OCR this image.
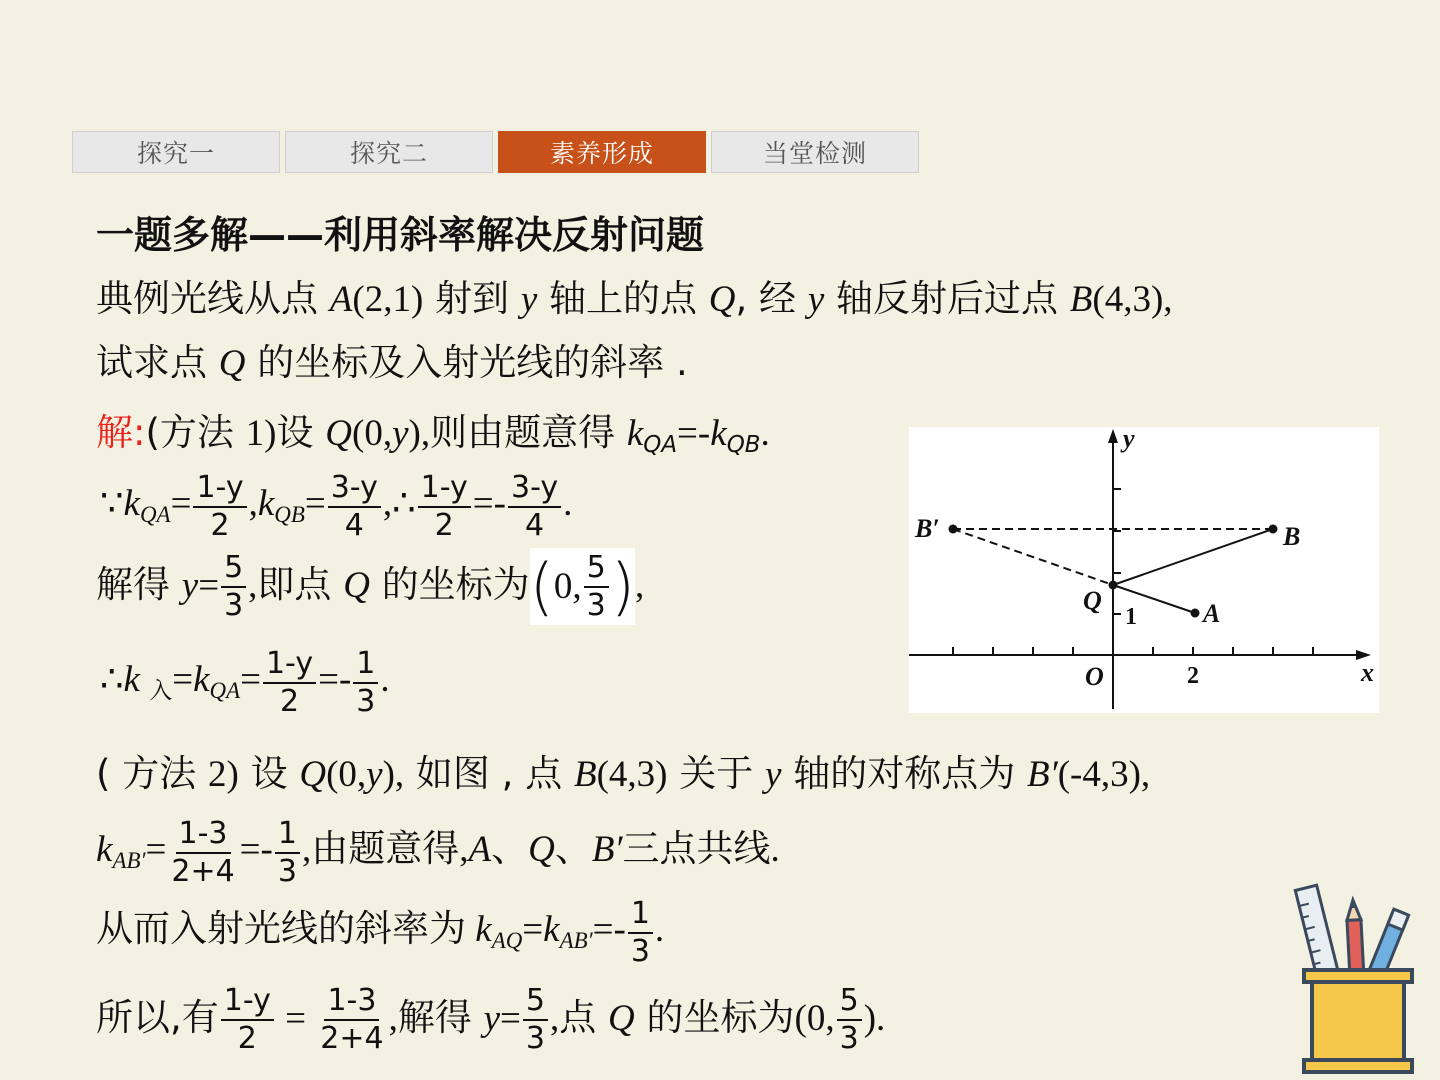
探究一	探究二	素养形成	当堂检测
一题多解——利用斜率解决反射问题
典例光线从点 A(2,1) 射到 y 轴上的点 Q, 经 y 轴反射后过点 B(4,3),
试求点 Q 的坐标及入射光线的斜率 .
解:(方法 1)设 Q(0,y),则由题意得 $k_{QA}=-k_{QB}$.
$\because k_{QA}= \frac{1-y}{2} ,k_{QB}= \frac{3-y}{4}$ ,∴ $\frac{1-y}{2} =- \frac{3-y}{4}$ .
解得 $y= \frac{5}{3}$ ,即点 Q 的坐标为 ( 0, $\frac{5}{3}$ ) ,
∴k $_入=k_{QA}= \frac{1-y}{2} =- \frac{1}{3}$ .
( 方法 2) 设 Q(0,y), 如图 , 点 B(4,3) 关于 y 轴的对称点为 B′(-4,3),
$k_{AB'}= \frac{1-3}{2+4} =- \frac{1}{3}$ ,由题意得,A、Q、B′三点共线.
从而入射光线的斜率为 $k_{AQ}=k_{AB'}=- \frac{1}{3}$ .
所以,有 $\frac{1-y}{2} = \frac{1-3}{2+4}$ ,解得 $y= \frac{5}{3}$ ,点 Q 的坐标为(0, $\frac{5}{3}$ ).
y
x
O
B′	B
Q	A
2
1
